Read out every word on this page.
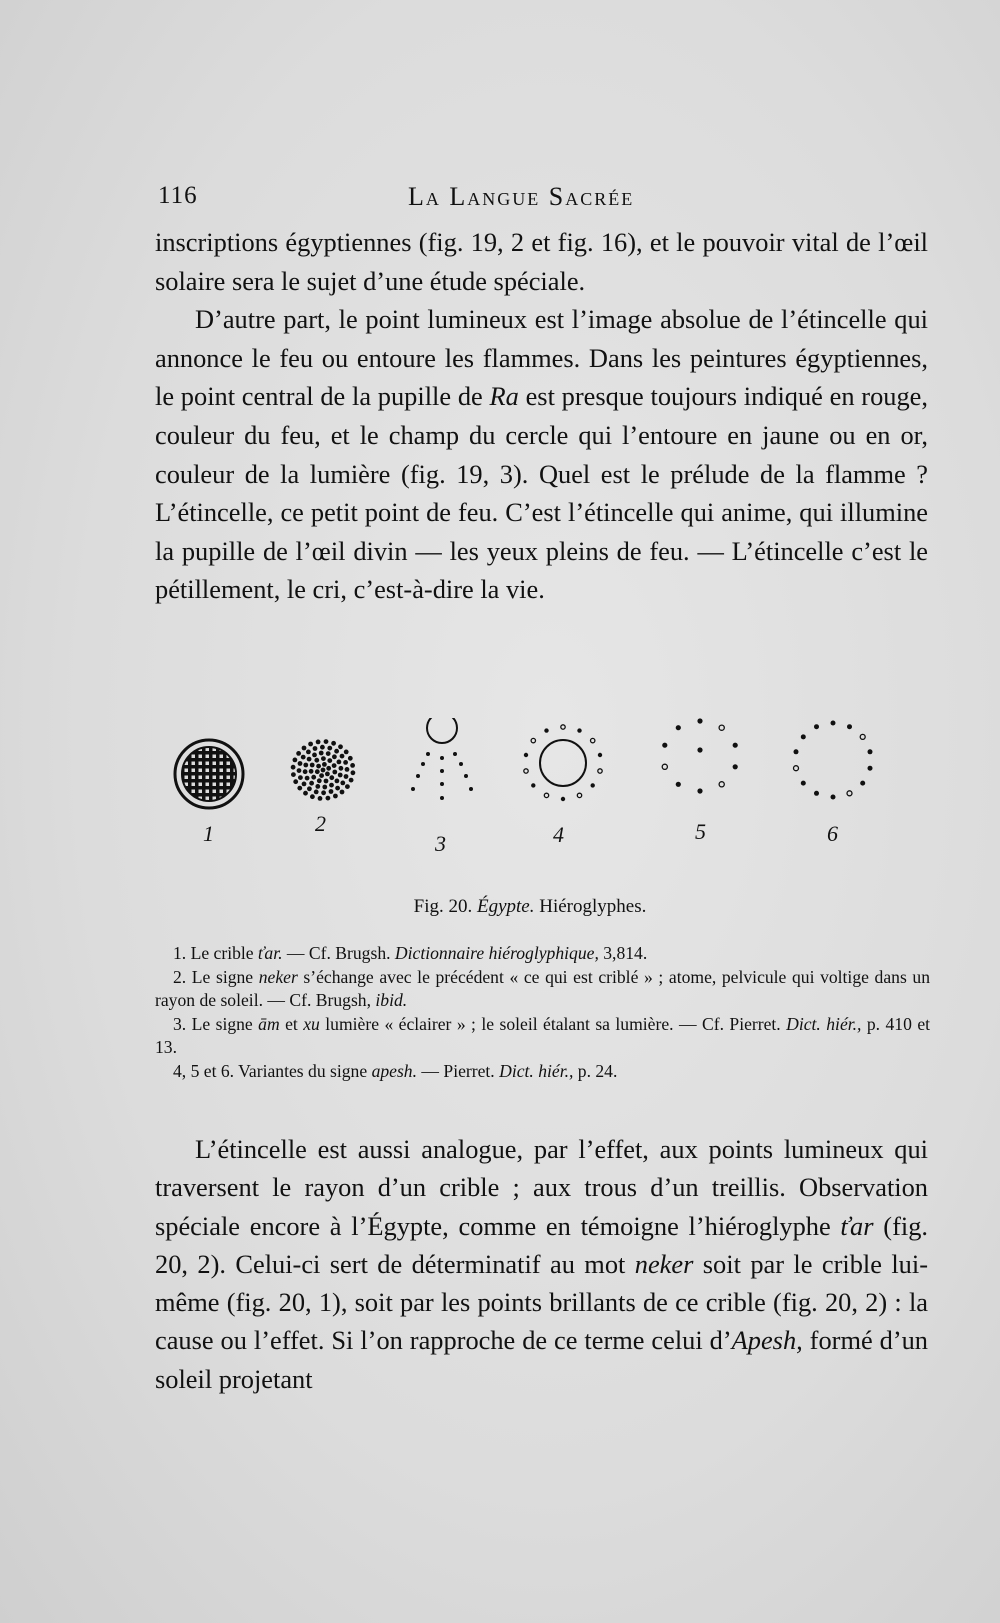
116	La Langue Sacrée

inscriptions égyptiennes (fig. 19, 2 et fig. 16), et le pouvoir vital de l’œil solaire sera le sujet d’une étude spéciale.

D’autre part, le point lumineux est l’image absolue de l’étincelle qui annonce le feu ou entoure les flammes. Dans les peintures égyptiennes, le point central de la pupille de Ra est presque toujours indiqué en rouge, couleur du feu, et le champ du cercle qui l’entoure en jaune ou en or, couleur de la lumière (fig. 19, 3). Quel est le prélude de la flamme ? L’étincelle, ce petit point de feu. C’est l’étincelle qui anime, qui illumine la pupille de l’œil divin — les yeux pleins de feu. — L’étincelle c’est le pétillement, le cri, c’est-à-dire la vie.

1	2
3	4	5	6
Fig. 20. Égypte. Hiéroglyphes.

1. Le crible ťar. — Cf. Brugsh. Dictionnaire hiéroglyphique, 3,814.

2. Le signe neker s’échange avec le précédent « ce qui est criblé » ; atome, pelvicule qui voltige dans un rayon de soleil. — Cf. Brugsh, ibid.

3. Le signe ām et xu lumière « éclairer » ; le soleil étalant sa lumière. — Cf. Pierret. Dict. hiér., p. 410 et 13.

4, 5 et 6. Variantes du signe apesh. — Pierret. Dict. hiér., p. 24.

L’étincelle est aussi analogue, par l’effet, aux points lumineux qui traversent le rayon d’un crible ; aux trous d’un treillis. Observation spéciale encore à l’Égypte, comme en témoigne l’hiéroglyphe ťar (fig. 20, 2). Celui-ci sert de déterminatif au mot neker soit par le crible lui-même (fig. 20, 1), soit par les points brillants de ce crible (fig. 20, 2) : la cause ou l’effet. Si l’on rapproche de ce terme celui d’Apesh, formé d’un soleil projetant
